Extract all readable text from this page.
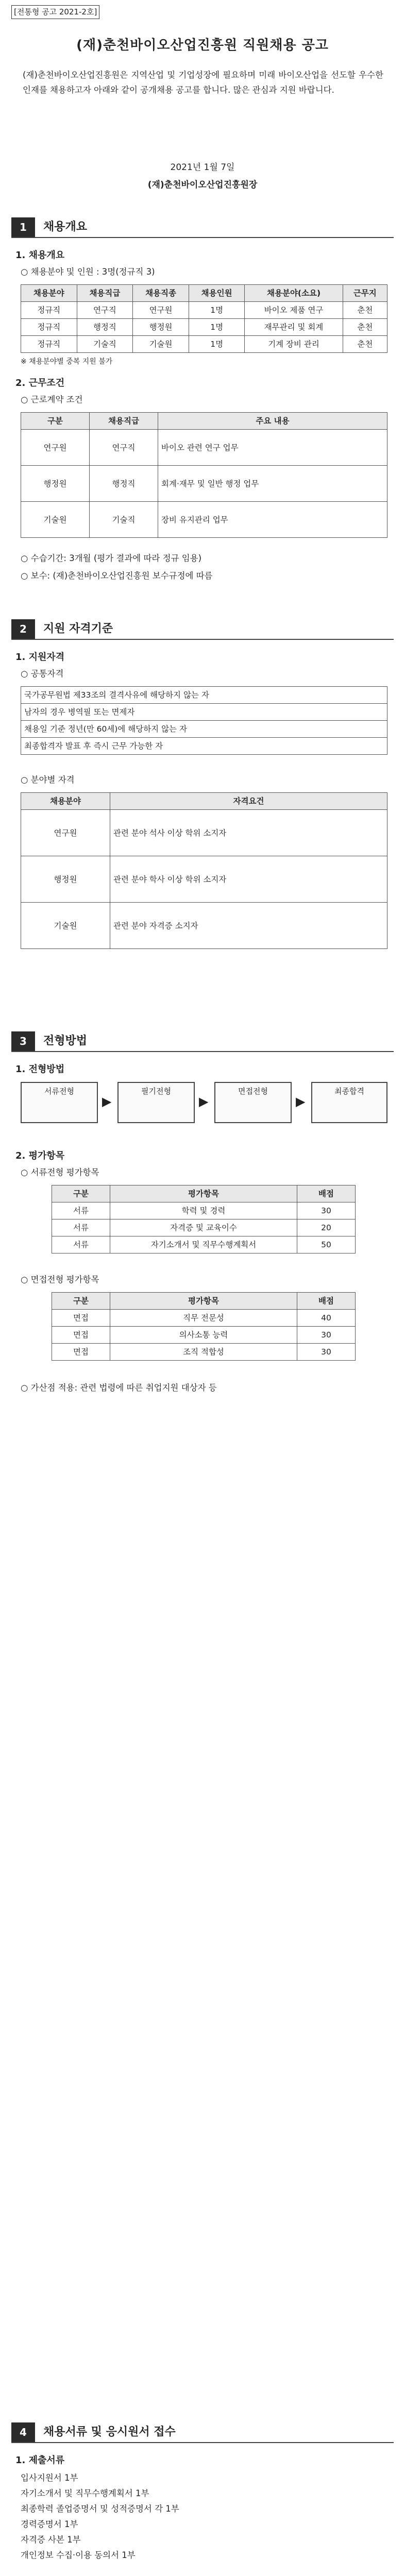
[전통형 공고 2021-2호]
(재)춘천바이오산업진흥원 직원채용 공고
(재)춘천바이오산업진흥원은 지역산업 및 기업성장에 필요하며 미래 바이오산업을 선도할 우수한 인재를 채용하고자 아래와 같이 공개채용 공고를 합니다. 많은 관심과 지원 바랍니다.
2021년 1월 7일
(재)춘천바이오산업진흥원장
1	채용개요
1. 채용개요
○ 채용분야 및 인원 : 3명(정규직 3)
채용분야	채용직급	채용직종	채용인원	채용분야(소요)	근무지
정규직	연구직	연구원	1명	바이오 제품 연구	춘천
정규직	행정직	행정원	1명	재무관리 및 회계	춘천
정규직	기술직	기술원	1명	기계 장비 관리	춘천
※ 채용분야별 중복 지원 불가
2. 근무조건
○ 근로계약 조건
구분	채용직급	주요 내용
연구원	연구직	바이오 관련 연구 업무
행정원	행정직	회계·재무 및 일반 행정 업무
기술원	기술직	장비 유지관리 업무
○ 수습기간: 3개월 (평가 결과에 따라 정규 임용)
○ 보수: (재)춘천바이오산업진흥원 보수규정에 따름
2	지원 자격기준
1. 지원자격
○ 공통자격
국가공무원법 제33조의 결격사유에 해당하지 않는 자
남자의 경우 병역필 또는 면제자
채용일 기준 정년(만 60세)에 해당하지 않는 자
최종합격자 발표 후 즉시 근무 가능한 자
○ 분야별 자격
채용분야	자격요건
연구원	관련 분야 석사 이상 학위 소지자
행정원	관련 분야 학사 이상 학위 소지자
기술원	관련 분야 자격증 소지자
3	전형방법
1. 전형방법
서류전형
▶
필기전형
▶
면접전형
▶
최종합격
2. 평가항목
○ 서류전형 평가항목
구분	평가항목	배점
서류	학력 및 경력	30
서류	자격증 및 교육이수	20
서류	자기소개서 및 직무수행계획서	50
○ 면접전형 평가항목
구분	평가항목	배점
면접	직무 전문성	40
면접	의사소통 능력	30
면접	조직 적합성	30
○ 가산점 적용: 관련 법령에 따른 취업지원 대상자 등
4	채용서류 및 응시원서 접수
1. 제출서류
입사지원서 1부
자기소개서 및 직무수행계획서 1부
최종학력 졸업증명서 및 성적증명서 각 1부
경력증명서 1부
자격증 사본 1부
개인정보 수집·이용 동의서 1부
